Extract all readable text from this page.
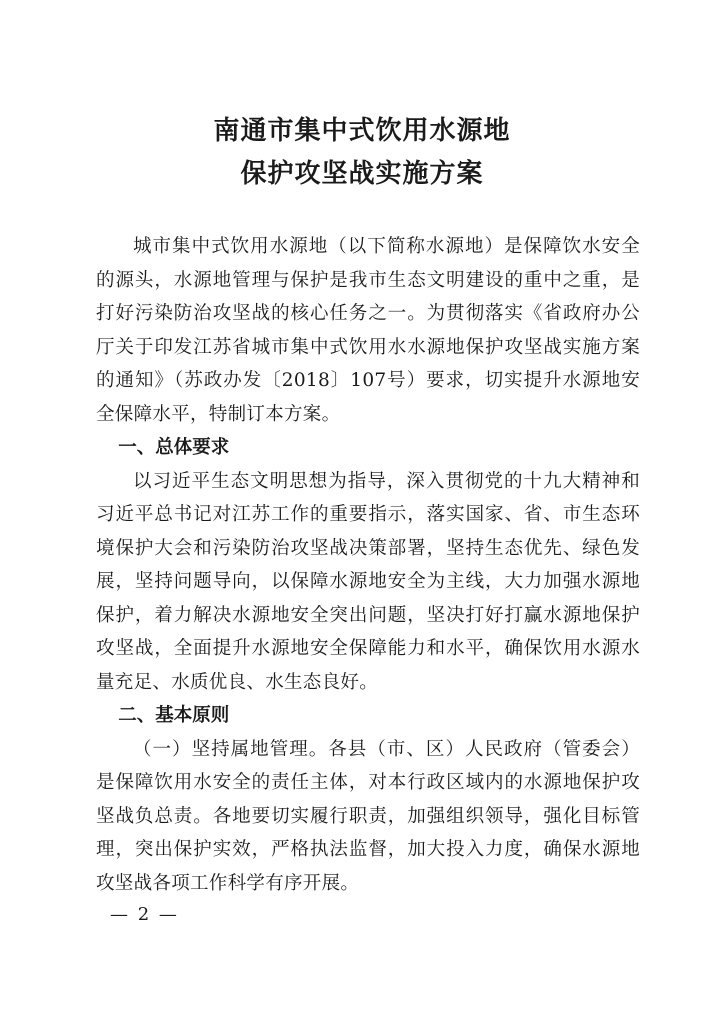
南通市集中式饮用水源地
保护攻坚战实施方案

城市集中式饮用水源地（以下简称水源地）是保障饮水安全的源头，水源地管理与保护是我市生态文明建设的重中之重，是打好污染防治攻坚战的核心任务之一。为贯彻落实《省政府办公厅关于印发江苏省城市集中式饮用水水源地保护攻坚战实施方案的通知》（苏政办发〔2018〕107号）要求，切实提升水源地安全保障水平，特制订本方案。

一、总体要求

以习近平生态文明思想为指导，深入贯彻党的十九大精神和习近平总书记对江苏工作的重要指示，落实国家、省、市生态环境保护大会和污染防治攻坚战决策部署，坚持生态优先、绿色发展，坚持问题导向，以保障水源地安全为主线，大力加强水源地保护，着力解决水源地安全突出问题，坚决打好打赢水源地保护攻坚战，全面提升水源地安全保障能力和水平，确保饮用水源水量充足、水质优良、水生态良好。

二、基本原则

（一）坚持属地管理。各县（市、区）人民政府（管委会）是保障饮用水安全的责任主体，对本行政区域内的水源地保护攻坚战负总责。各地要切实履行职责，加强组织领导，强化目标管理，突出保护实效，严格执法监督，加大投入力度，确保水源地攻坚战各项工作科学有序开展。

— 2 —
